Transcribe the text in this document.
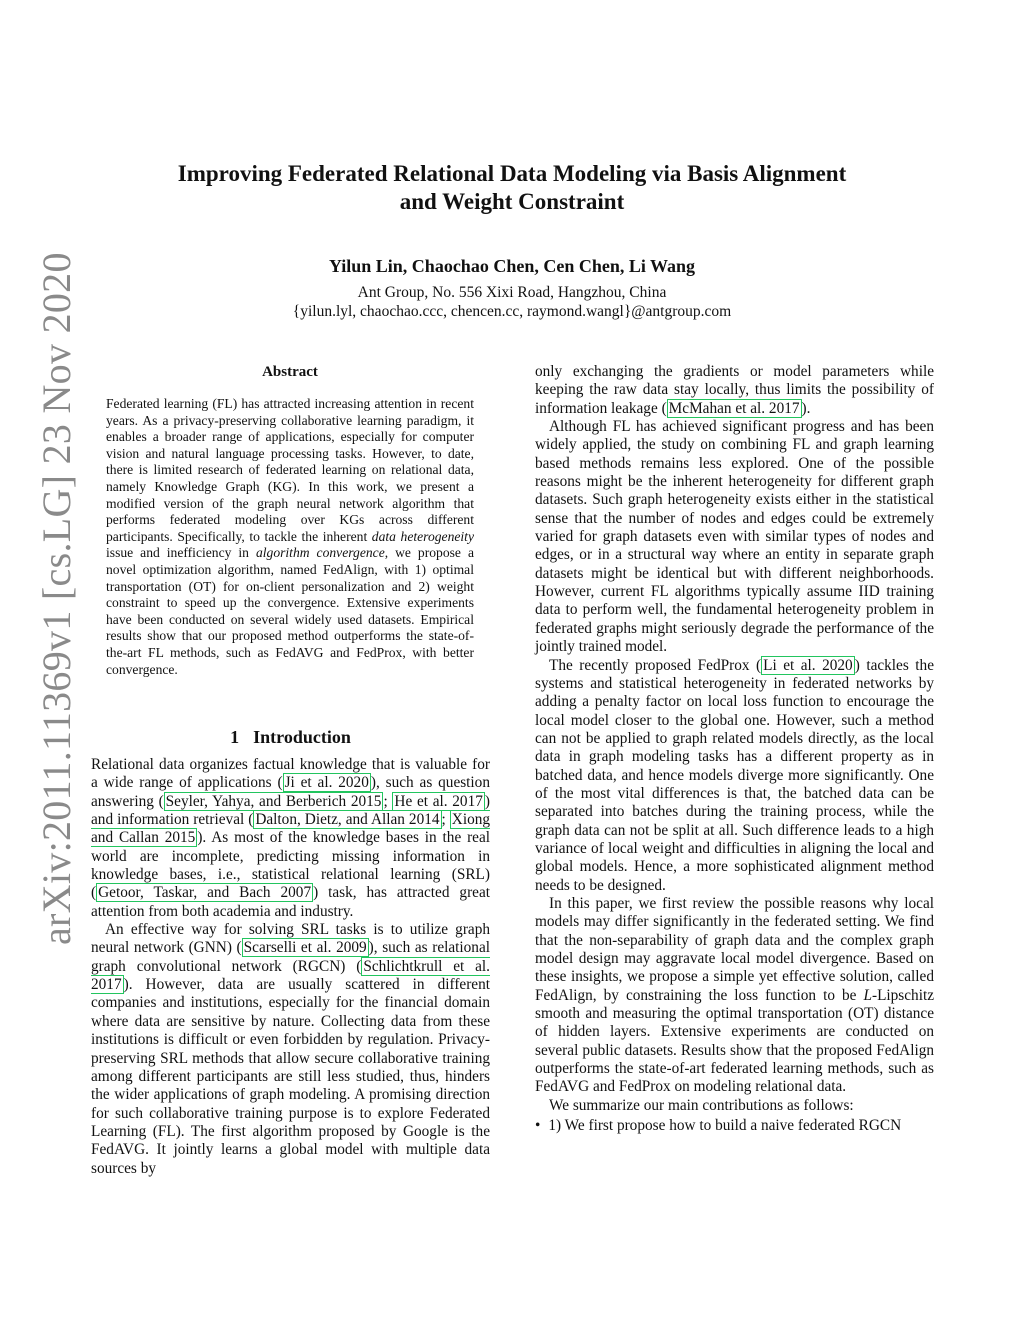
arXiv:2011.11369v1 [cs.LG] 23 Nov 2020
Improving Federated Relational Data Modeling via Basis Alignment
and Weight Constraint
Yilun Lin, Chaochao Chen, Cen Chen, Li Wang
Ant Group, No. 556 Xixi Road, Hangzhou, China
{yilun.lyl, chaochao.ccc, chencen.cc, raymond.wangl}@antgroup.com
Abstract

Federated learning (FL) has attracted increasing attention in recent years. As a privacy-preserving collaborative learning paradigm, it enables a broader range of applications, especially for computer vision and natural language processing tasks. However, to date, there is limited research of federated learning on relational data, namely Knowledge Graph (KG). In this work, we present a modified version of the graph neural network algorithm that performs federated modeling over KGs across different participants. Specifically, to tackle the inherent data heterogeneity issue and inefficiency in algorithm convergence, we propose a novel optimization algorithm, named FedAlign, with 1) optimal transportation (OT) for on-client personalization and 2) weight constraint to speed up the convergence. Extensive experiments have been conducted on several widely used datasets. Empirical results show that our proposed method outperforms the state-of-the-art FL methods, such as FedAVG and FedProx, with better convergence.

1 Introduction

Relational data organizes factual knowledge that is valuable for a wide range of applications ( Ji et al. 2020 ), such as question answering ( Seyler, Yahya, and Berberich 2015 ; He et al. 2017 ) and information retrieval ( Dalton, Dietz, and Allan 2014 ; Xiong and Callan 2015 ). As most of the knowledge bases in the real world are incomplete, predicting missing information in knowledge bases, i.e., statistical relational learning (SRL) ( Getoor, Taskar, and Bach 2007 ) task, has attracted great attention from both academia and industry.

An effective way for solving SRL tasks is to utilize graph neural network (GNN) ( Scarselli et al. 2009 ), such as relational graph convolutional network (RGCN) ( Schlichtkrull et al. 2017 ). However, data are usually scattered in different companies and institutions, especially for the financial domain where data are sensitive by nature. Collecting data from these institutions is difficult or even forbidden by regulation. Privacy-preserving SRL methods that allow secure collaborative training among different participants are still less studied, thus, hinders the wider applications of graph modeling. A promising direction for such collaborative training purpose is to explore Federated Learning (FL). The first algorithm proposed by Google is the FedAVG. It jointly learns a global model with multiple data sources by

only exchanging the gradients or model parameters while keeping the raw data stay locally, thus limits the possibility of information leakage ( McMahan et al. 2017 ).

Although FL has achieved significant progress and has been widely applied, the study on combining FL and graph learning based methods remains less explored. One of the possible reasons might be the inherent heterogeneity for different graph datasets. Such graph heterogeneity exists either in the statistical sense that the number of nodes and edges could be extremely varied for graph datasets even with similar types of nodes and edges, or in a structural way where an entity in separate graph datasets might be identical but with different neighborhoods. However, current FL algorithms typically assume IID training data to perform well, the fundamental heterogeneity problem in federated graphs might seriously degrade the performance of the jointly trained model.

The recently proposed FedProx ( Li et al. 2020 ) tackles the systems and statistical heterogeneity in federated networks by adding a penalty factor on local loss function to encourage the local model closer to the global one. However, such a method can not be applied to graph related models directly, as the local data in graph modeling tasks has a different property as in batched data, and hence models diverge more significantly. One of the most vital differences is that, the batched data can be separated into batches during the training process, while the graph data can not be split at all. Such difference leads to a high variance of local weight and difficulties in aligning the local and global models. Hence, a more sophisticated alignment method needs to be designed.

In this paper, we first review the possible reasons why local models may differ significantly in the federated setting. We find that the non-separability of graph data and the complex graph model design may aggravate local model divergence. Based on these insights, we propose a simple yet effective solution, called FedAlign, by constraining the loss function to be L-Lipschitz smooth and measuring the optimal transportation (OT) distance of hidden layers. Extensive experiments are conducted on several public datasets. Results show that the proposed FedAlign outperforms the state-of-art federated learning methods, such as FedAVG and FedProx on modeling relational data.

We summarize our main contributions as follows:

• 1) We first propose how to build a naive federated RGCN
